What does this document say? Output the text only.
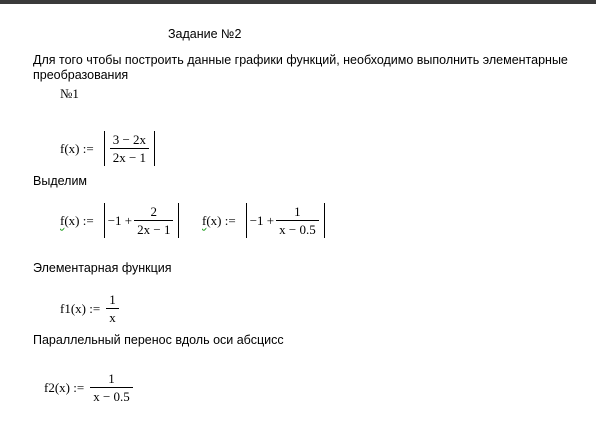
Задание №2
Для того чтобы построить данные графики функций, необходимо выполнить элементарные
преобразования
№1
f(x) := $\frac{3 - 2x}{2x - 1}$
Выделим
f (x) := $-1 + \frac{2}{2x - 1}$ f (x) := $-1 + \frac{1}{x - 0.5}$
Элементарная функция
f1(x) := $\frac{1}{x}$
Параллельный перенос вдоль оси абсцисс
f2(x) := $\frac{1}{x - 0.5}$
